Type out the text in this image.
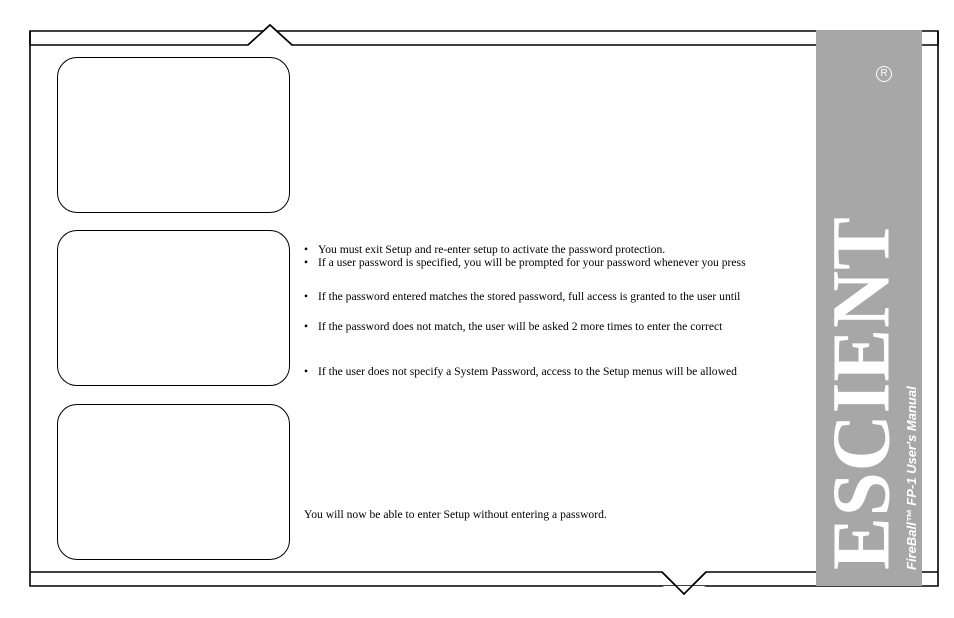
ESCIENT
R
FireBall™ FP-1 User's Manual
• You must exit Setup and re-enter setup to activate the password protection.
• If a user password is specified, you will be prompted for your password whenever you press
• If the password entered matches the stored password, full access is granted to the user until
• If the password does not match, the user will be asked 2 more times to enter the correct
• If the user does not specify a System Password, access to the Setup menus will be allowed
You will now be able to enter Setup without entering a password.
